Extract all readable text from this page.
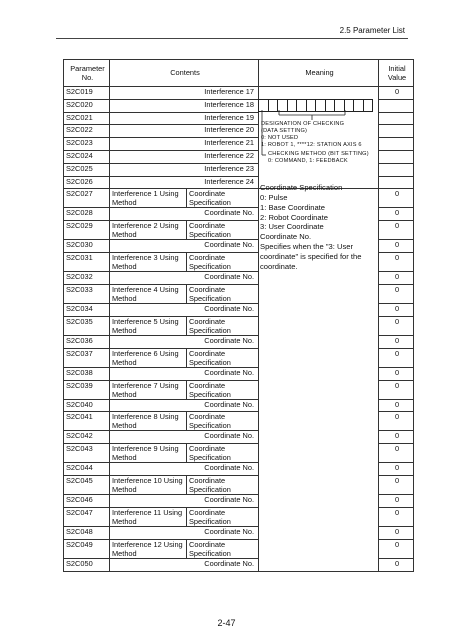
2.5 Parameter List
Parameter
No.	Contents		Meaning	Initial
Value
S2C019	Interference 17			0
S2C020	Interference 18			
S2C021	Interference 19			
S2C022	Interference 20			
S2C023	Interference 21			
S2C024	Interference 22			
S2C025	Interference 23			
S2C026	Interference 24			
S2C027	Interference 1 Using Method	Coordinate Specification		0
S2C028	Coordinate No.			0
S2C029	Interference 2 Using Method	Coordinate Specification		0
S2C030	Coordinate No.			0
S2C031	Interference 3 Using Method	Coordinate Specification		0
S2C032	Coordinate No.			0
S2C033	Interference 4 Using Method	Coordinate Specification		0
S2C034	Coordinate No.			0
S2C035	Interference 5 Using Method	Coordinate Specification		0
S2C036	Coordinate No.			0
S2C037	Interference 6 Using Method	Coordinate Specification		0
S2C038	Coordinate No.			0
S2C039	Interference 7 Using Method	Coordinate Specification		0
S2C040	Coordinate No.			0
S2C041	Interference 8 Using Method	Coordinate Specification		0
S2C042	Coordinate No.			0
S2C043	Interference 9 Using Method	Coordinate Specification		0
S2C044	Coordinate No.			0
S2C045	Interference 10 Using Method	Coordinate Specification		0
S2C046	Coordinate No.			0
S2C047	Interference 11 Using Method	Coordinate Specification		0
S2C048	Coordinate No.			0
S2C049	Interference 12 Using Method	Coordinate Specification		0
S2C050	Coordinate No.			0
DESIGNATION OF CHECKING
(DATA SETTING)
0: NOT USED
1: ROBOT 1, ****12: STATION AXIS 6
CHECKING METHOD (BIT SETTING)
0: COMMAND, 1: FEEDBACK
Coordinate Specification
0: Pulse
1: Base Coordinate
2: Robot Coordinate
3: User Coordinate
Coordinate No.
Specifies when the "3: User coordinate" is specified for the coordinate.
2-47
